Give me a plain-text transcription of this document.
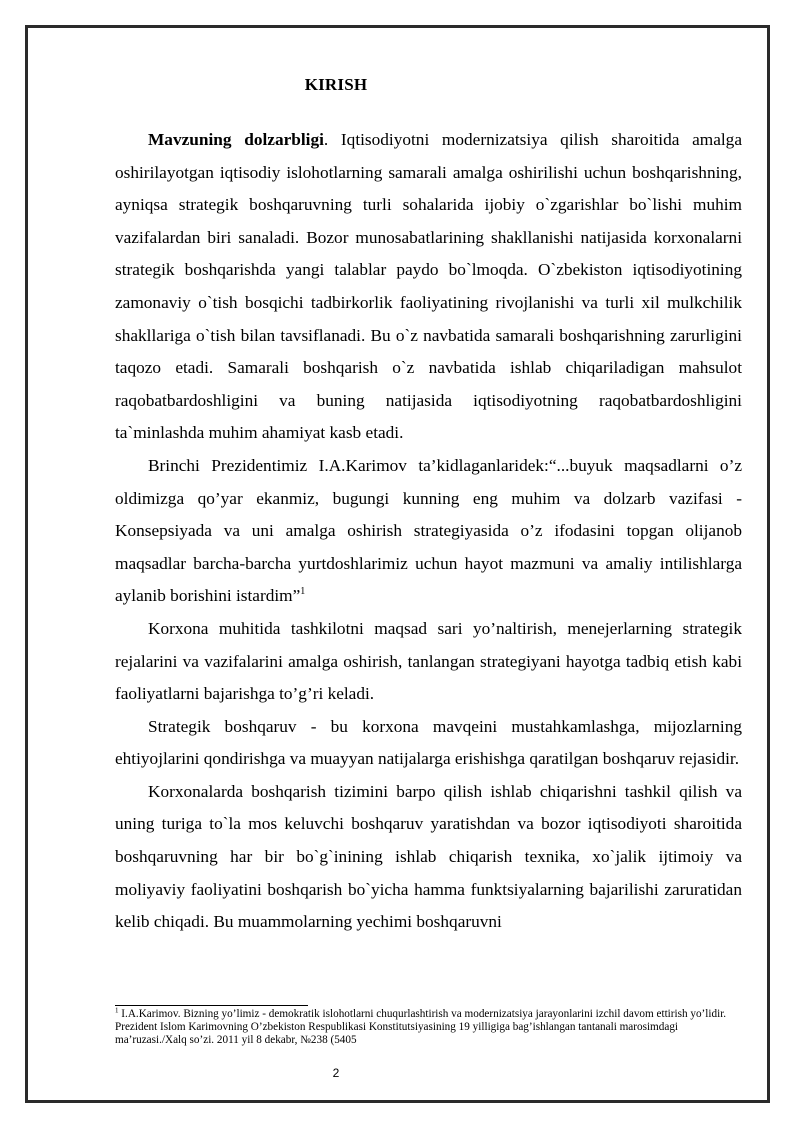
KIRISH

Mavzuning dolzarbligi. Iqtisodiyotni modernizatsiya qilish sharoitida amalga oshirilayotgan iqtisodiy islohotlarning samarali amalga oshirilishi uchun boshqarishning, ayniqsa strategik boshqaruvning turli sohalarida ijobiy o`zgarishlar bo`lishi muhim vazifalardan biri sanaladi. Bozor munosabatlarining shakllanishi natijasida korxonalarni strategik boshqarishda yangi talablar paydo bo`lmoqda. O`zbekiston iqtisodiyotining zamonaviy o`tish bosqichi tadbirkorlik faoliyatining rivojlanishi va turli xil mulkchilik shakllariga o`tish bilan tavsiflanadi. Bu o`z navbatida samarali boshqarishning zarurligini taqozo etadi. Samarali boshqarish o`z navbatida ishlab chiqariladigan mahsulot raqobatbardoshligini va buning natijasida iqtisodiyotning raqobatbardoshligini ta`minlashda muhim ahamiyat kasb etadi.

Brinchi Prezidentimiz I.A.Karimov ta’kidlaganlaridek:“...buyuk maqsadlarni o’z oldimizga qo’yar ekanmiz, bugungi kunning eng muhim va dolzarb vazifasi - Konsepsiyada va uni amalga oshirish strategiyasida o’z ifodasini topgan olijanob maqsadlar barcha-barcha yurtdoshlarimiz uchun hayot mazmuni va amaliy intilishlarga aylanib borishini istardim”$^1$

Korxona muhitida tashkilotni maqsad sari yo’naltirish, menejerlarning strategik rejalarini va vazifalarini amalga oshirish, tanlangan strategiyani hayotga tadbiq etish kabi faoliyatlarni bajarishga to’g’ri keladi.

Strategik boshqaruv - bu korxona mavqeini mustahkamlashga, mijozlarning ehtiyojlarini qondirishga va muayyan natijalarga erishishga qaratilgan boshqaruv rejasidir.

Korxonalarda boshqarish tizimini barpo qilish ishlab chiqarishni tashkil qilish va uning turiga to`la mos keluvchi boshqaruv yaratishdan va bozor iqtisodiyoti sharoitida boshqaruvning har bir bo`g`inining ishlab chiqarish texnika, xo`jalik ijtimoiy va moliyaviy faoliyatini boshqarish bo`yicha hamma funktsiyalarning bajarilishi zaruratidan kelib chiqadi. Bu muammolarning yechimi boshqaruvni

$^1$ I.A.Karimov. Bizning yo’limiz - demokratik islohotlarni chuqurlashtirish va modernizatsiya jarayonlarini izchil davom ettirish yo’lidir. Prezident Islom Karimovning O’zbekiston Respublikasi Konstitutsiyasining 19 yilligiga bag’ishlangan tantanali marosimdagi ma’ruzasi./Xalq so’zi. 2011 yil 8 dekabr, №238 (5405
2
